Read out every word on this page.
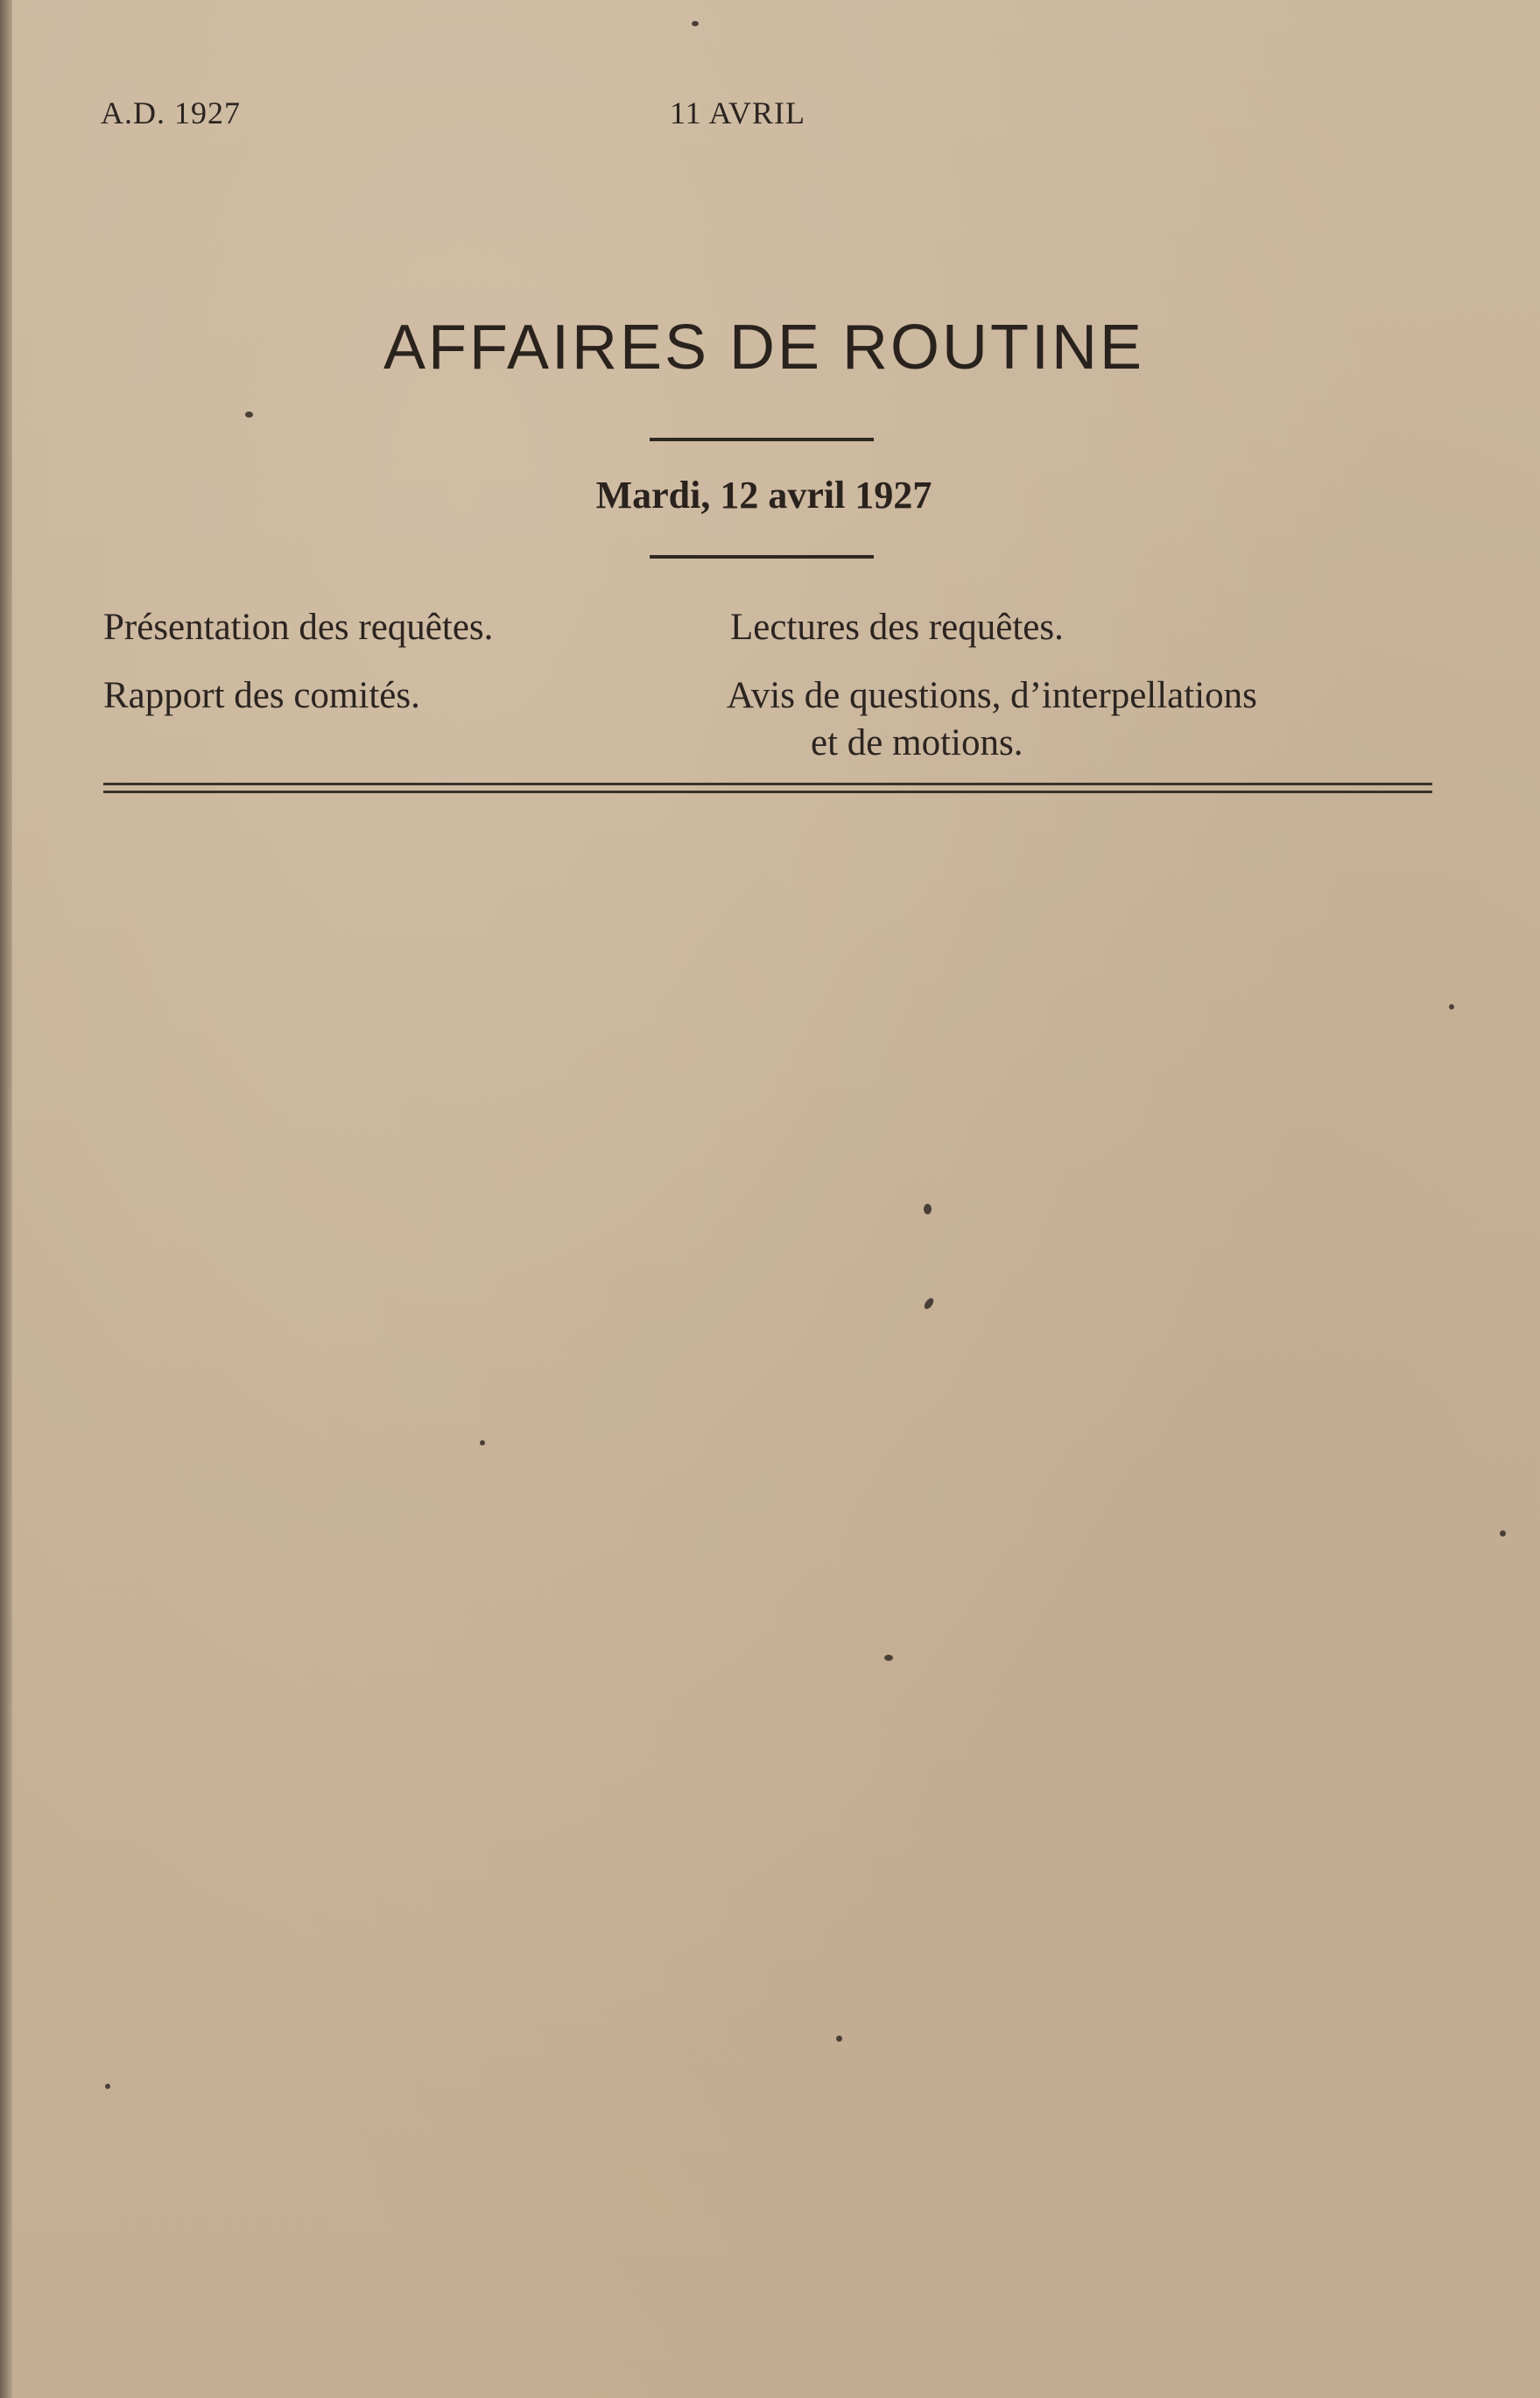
A.D. 1927	11 AVRIL
AFFAIRES DE ROUTINE
Mardi, 12 avril 1927
Présentation des requêtes.
Rapport des comités.
Lectures des requêtes.
Avis de questions, d’interpellations
et de motions.
